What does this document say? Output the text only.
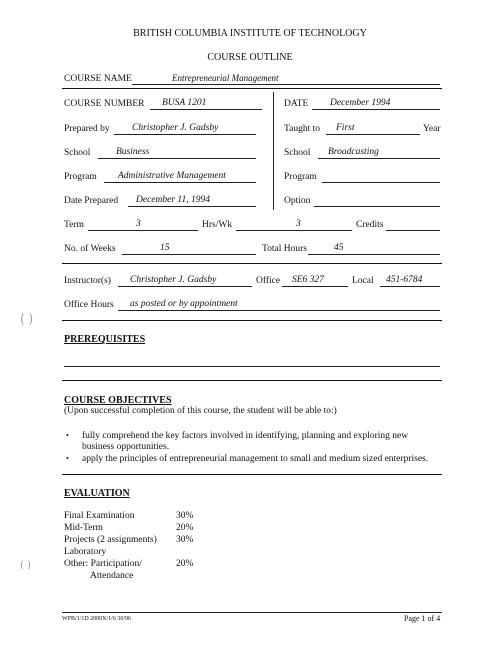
BRITISH COLUMBIA INSTITUTE OF TECHNOLOGY
COURSE OUTLINE
COURSE NAME	Entrepreneurial Management
COURSE NUMBER BUSA 1201	DATE December 1994
Prepared by Christopher J. Gadsby	Taught to First	Year
School	Business	School Broadcasting
Program Administrative Management	Program
Date Prepared December 11, 1994	Option
Term	3	Hrs/Wk	3	Credits
No. of Weeks	15	Total Hours	45
Instructor(s) Christopher J. Gadsby	Office SE6 327	Local 451-6784
Office Hours as posted or by appointment
PREREQUISITES
COURSE OBJECTIVES
(Upon successful completion of this course, the student will be able to:)
• fully comprehend the key factors involved in identifying, planning and exploring new
business opportunities.
• apply the principles of entrepreneurial management to small and medium sized enterprises.
EVALUATION
Final Examination	30%
Mid-Term	20%
Projects (2 assignments) 30%
Laboratory
Other: Participation/	20%
Attendance
WPB/1/1D 2000X/1/6 30/96	Page 1 of 4
( )
( )
